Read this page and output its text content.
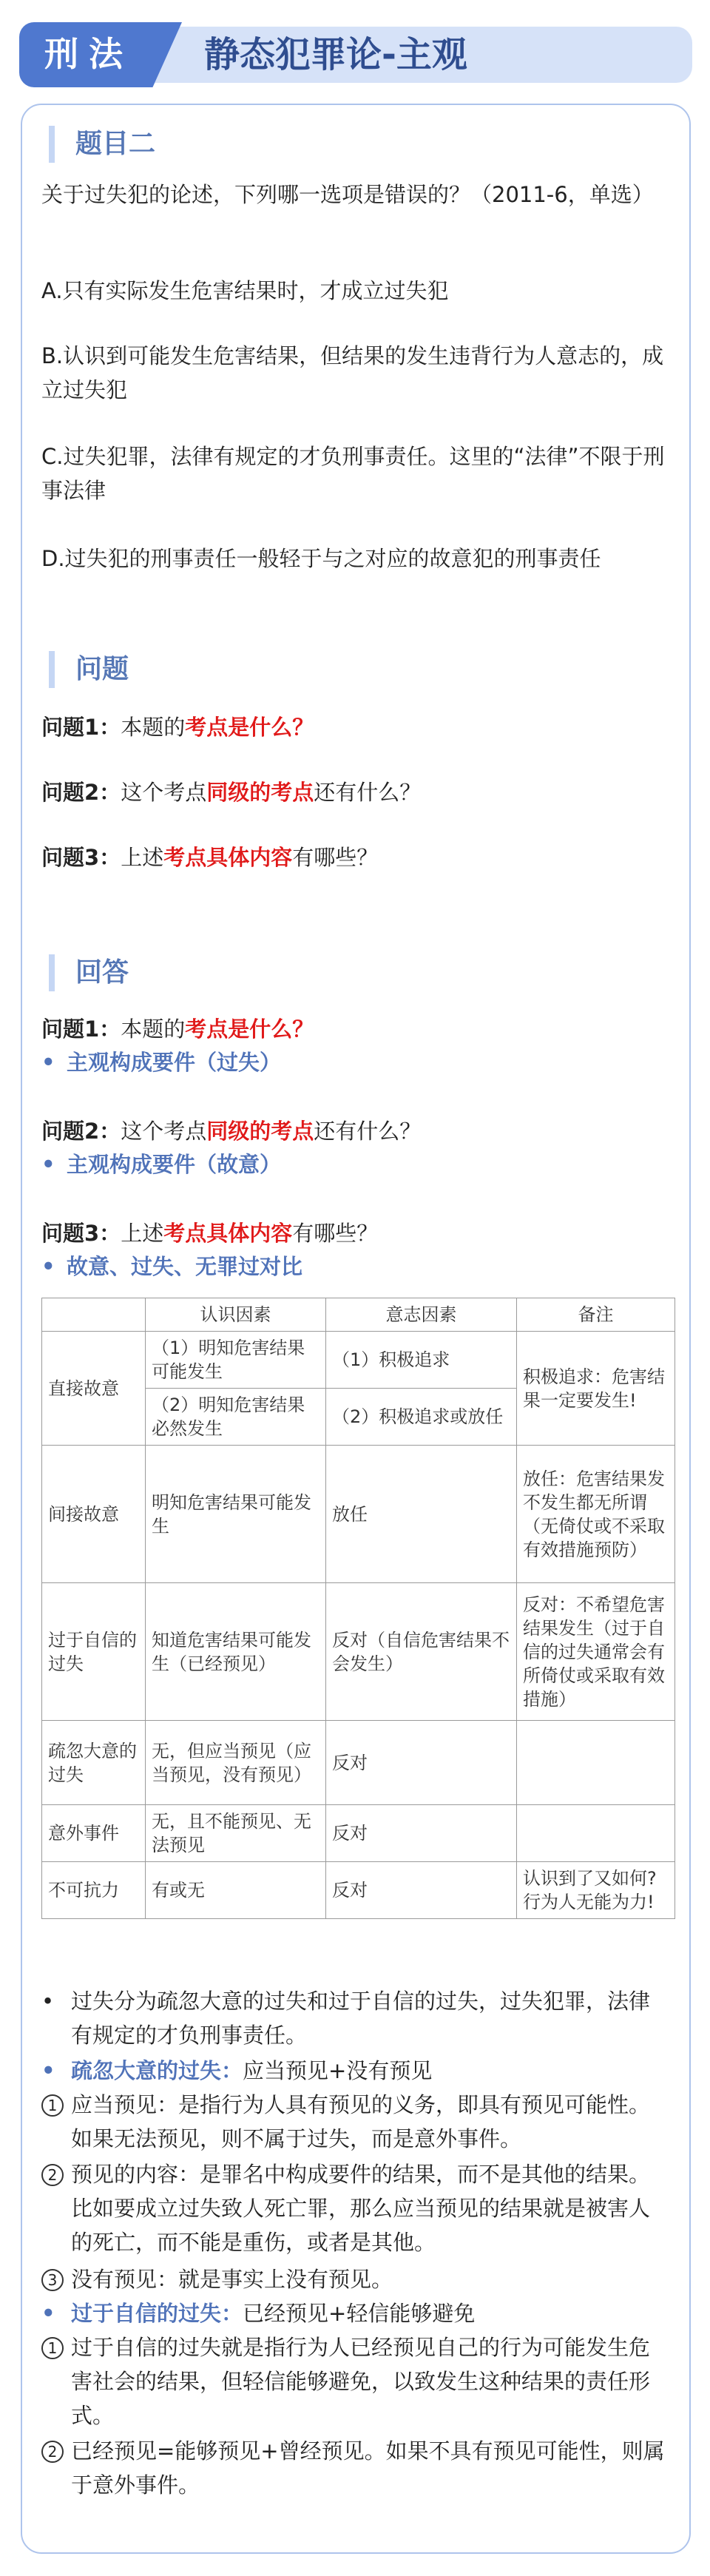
刑法 静态犯罪论-主观
题目二
关于过失犯的论述，下列哪一选项是错误的？（2011-6，单选）
A.只有实际发生危害结果时，才成立过失犯
B.认识到可能发生危害结果，但结果的发生违背行为人意志的，成立过失犯
C.过失犯罪，法律有规定的才负刑事责任。这里的“法律”不限于刑事法律
D.过失犯的刑事责任一般轻于与之对应的故意犯的刑事责任
问题
问题1：本题的考点是什么？
问题2：这个考点同级的考点还有什么？
问题3：上述考点具体内容有哪些？
回答
问题1：本题的考点是什么？
• 主观构成要件（过失）
问题2：这个考点同级的考点还有什么？
• 主观构成要件（故意）
问题3：上述考点具体内容有哪些？
• 故意、过失、无罪过对比
	认识因素	意志因素	备注
直接故意	（1）明知危害结果可能发生	（1）积极追求	积极追求：危害结果一定要发生!
	（2）明知危害结果必然发生	（2）积极追求或放任	
间接故意	明知危害结果可能发生	放任	放任：危害结果发不发生都无所谓（无倚仗或不采取有效措施预防）
过于自信的过失	知道危害结果可能发生（已经预见）	反对（自信危害结果不会发生）	反对：不希望危害结果发生（过于自信的过失通常会有所倚仗或采取有效措施）
疏忽大意的过失	无，但应当预见（应当预见，没有预见）	反对	
意外事件	无，且不能预见、无法预见	反对	
不可抗力	有或无	反对	认识到了又如何?行为人无能为力!
• 过失分为疏忽大意的过失和过于自信的过失，过失犯罪，法律有规定的才负刑事责任。
• 疏忽大意的过失：应当预见+没有预见
1 应当预见：是指行为人具有预见的义务，即具有预见可能性。如果无法预见，则不属于过失，而是意外事件。
2 预见的内容：是罪名中构成要件的结果，而不是其他的结果。比如要成立过失致人死亡罪，那么应当预见的结果就是被害人的死亡，而不能是重伤，或者是其他。
3 没有预见：就是事实上没有预见。
• 过于自信的过失：已经预见+轻信能够避免
1 过于自信的过失就是指行为人已经预见自己的行为可能发生危害社会的结果，但轻信能够避免，以致发生这种结果的责任形式。
2 已经预见=能够预见+曾经预见。如果不具有预见可能性，则属于意外事件。
